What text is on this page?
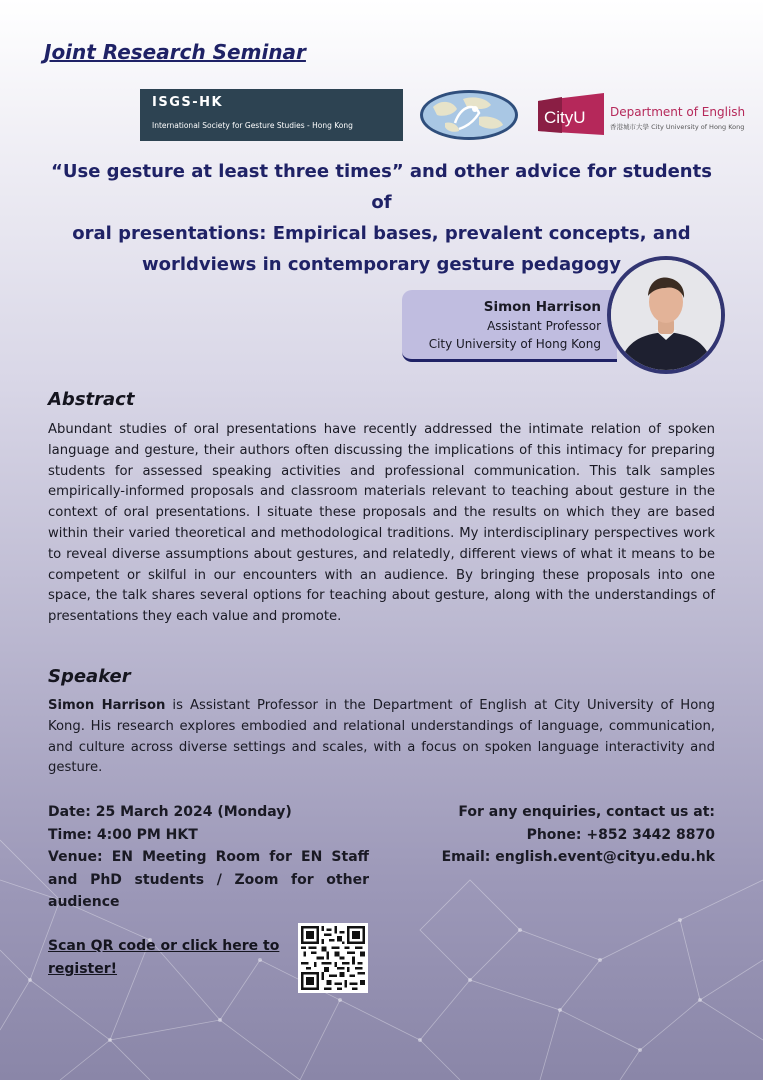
Joint Research Seminar
ISGS-HK
International Society for Gesture Studies - Hong Kong	CityU Department of English
香港城市大學 City University of Hong Kong
“Use gesture at least three times” and other advice for students of
oral presentations: Empirical bases, prevalent concepts, and
worldviews in contemporary gesture pedagogy
Simon Harrison
Assistant Professor
City University of Hong Kong
Abstract

Abundant studies of oral presentations have recently addressed the intimate relation of spoken language and gesture, their authors often discussing the implications of this intimacy for preparing students for assessed speaking activities and professional communication. This talk samples empirically-informed proposals and classroom materials relevant to teaching about gesture in the context of oral presentations. I situate these proposals and the results on which they are based within their varied theoretical and methodological traditions. My interdisciplinary perspectives work to reveal diverse assumptions about gestures, and relatedly, different views of what it means to be competent or skilful in our encounters with an audience. By bringing these proposals into one space, the talk shares several options for teaching about gesture, along with the understandings of presentations they each value and promote.

Speaker

Simon Harrison is Assistant Professor in the Department of English at City University of Hong Kong. His research explores embodied and relational understandings of language, communication, and culture across diverse settings and scales, with a focus on spoken language interactivity and gesture.

Date: 25 March 2024 (Monday)
Time: 4:00 PM HKT
Venue: EN Meeting Room for EN Staff and PhD students / Zoom for other audience
For any enquiries, contact us at:
Phone: +852 3442 8870
Email: english.event@cityu.edu.hk
Scan QR code or click here to register!
